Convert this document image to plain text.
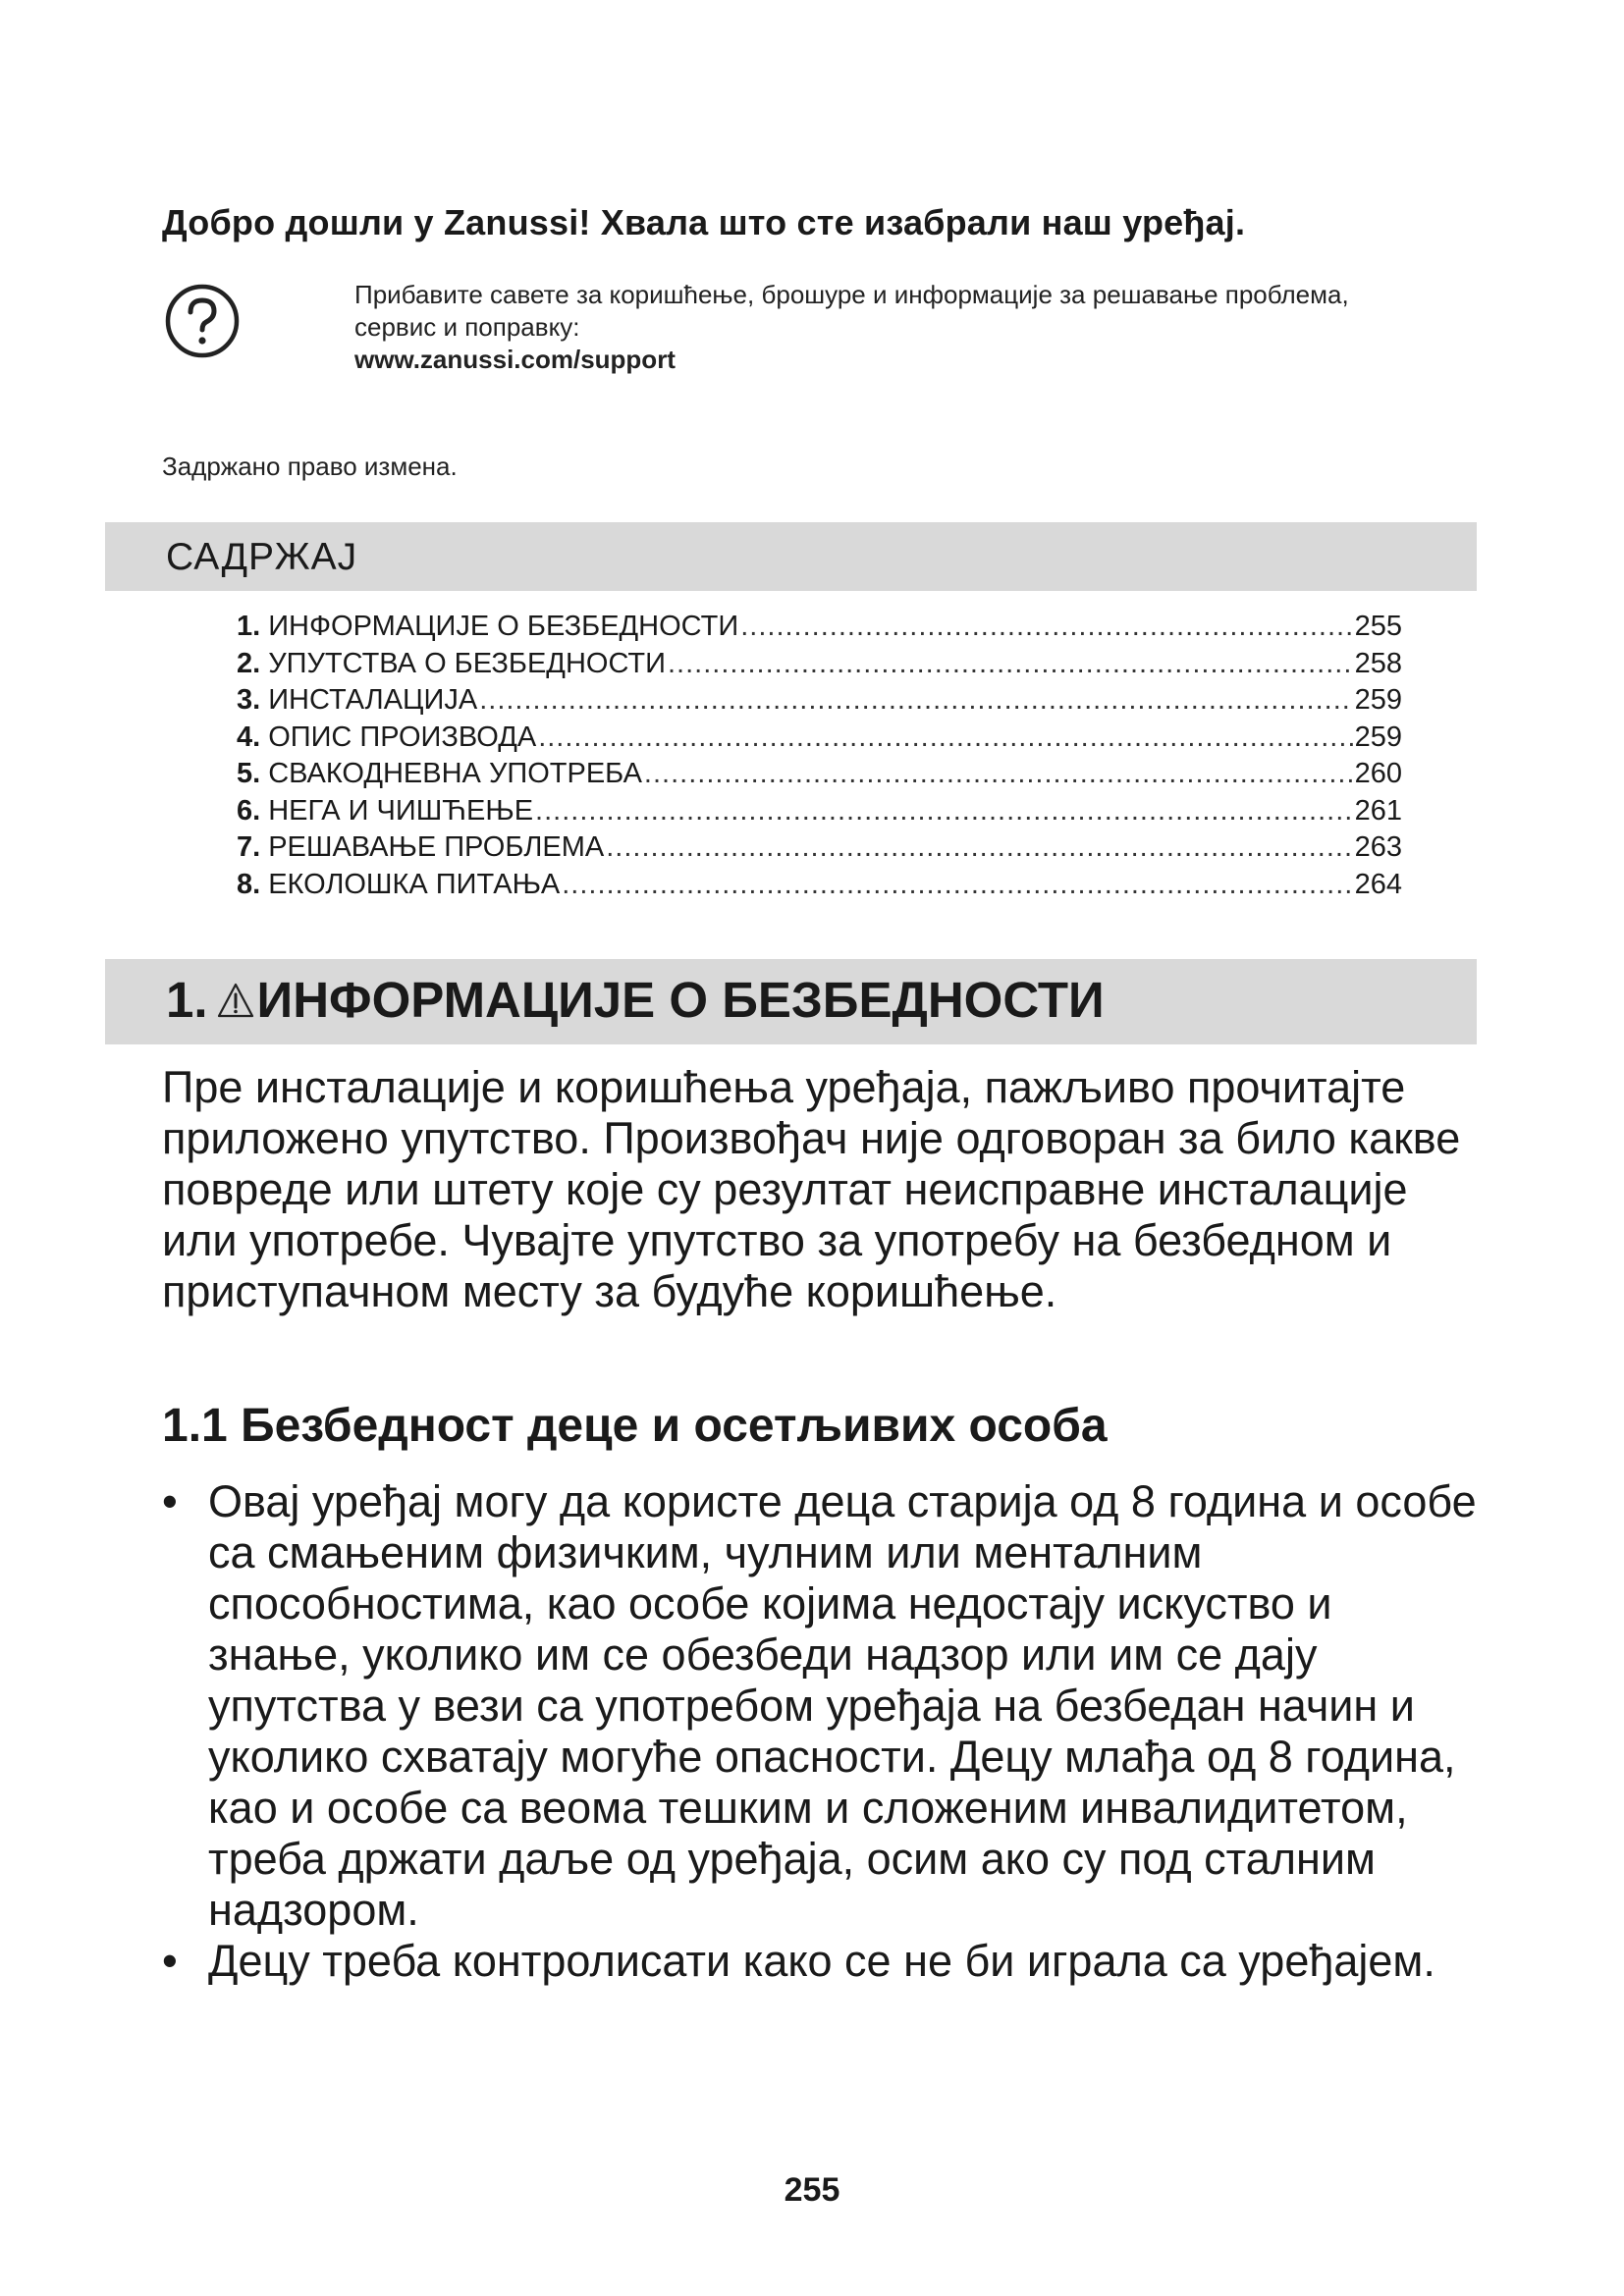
Добро дошли у Zanussi! Хвала што сте изабрали наш уређај.
Прибавите савете за коришћење, брошуре и информације за решавање проблема, сервис и поправку:
www.zanussi.com/support
Задржано право измена.
САДРЖАЈ
1. ИНФОРМАЦИЈЕ О БЕЗБЕДНОСТИ .....	255
2. УПУТСТВА О БЕЗБЕДНОСТИ .....	258
3. ИНСТАЛАЦИЈА .....	259
4. ОПИС ПРОИЗВОДА .....	259
5. СВАКОДНЕВНА УПОТРЕБА .....	260
6. НЕГА И ЧИШЋЕЊЕ .....	261
7. РЕШАВАЊЕ ПРОБЛЕМА .....	263
8. ЕКОЛОШКА ПИТАЊА .....	264
1. ИНФОРМАЦИЈЕ О БЕЗБЕДНОСТИ

Пре инсталације и коришћења уређаја, пажљиво прочитајте приложено упутство. Произвођач није одговоран за било какве повреде или штету које су резултат неисправне инсталације или употребе. Чувајте упутство за употребу на безбедном и приступачном месту за будуће коришћење.

1.1 Безбедност деце и осетљивих особа
• Овај уређај могу да користе деца старија од 8 година и особе са смањеним физичким, чулним или менталним способностима, као особе којима недостају искуство и знање, уколико им се обезбеди надзор или им се дају упутства у вези са употребом уређаја на безбедан начин и уколико схватају могуће опасности. Децу млађа од 8 година, као и особе са веома тешким и сложеним инвалидитетом, треба држати даље од уређаја, осим ако су под сталним надзором.
• Децу треба контролисати како се не би играла са уређајем.
255
